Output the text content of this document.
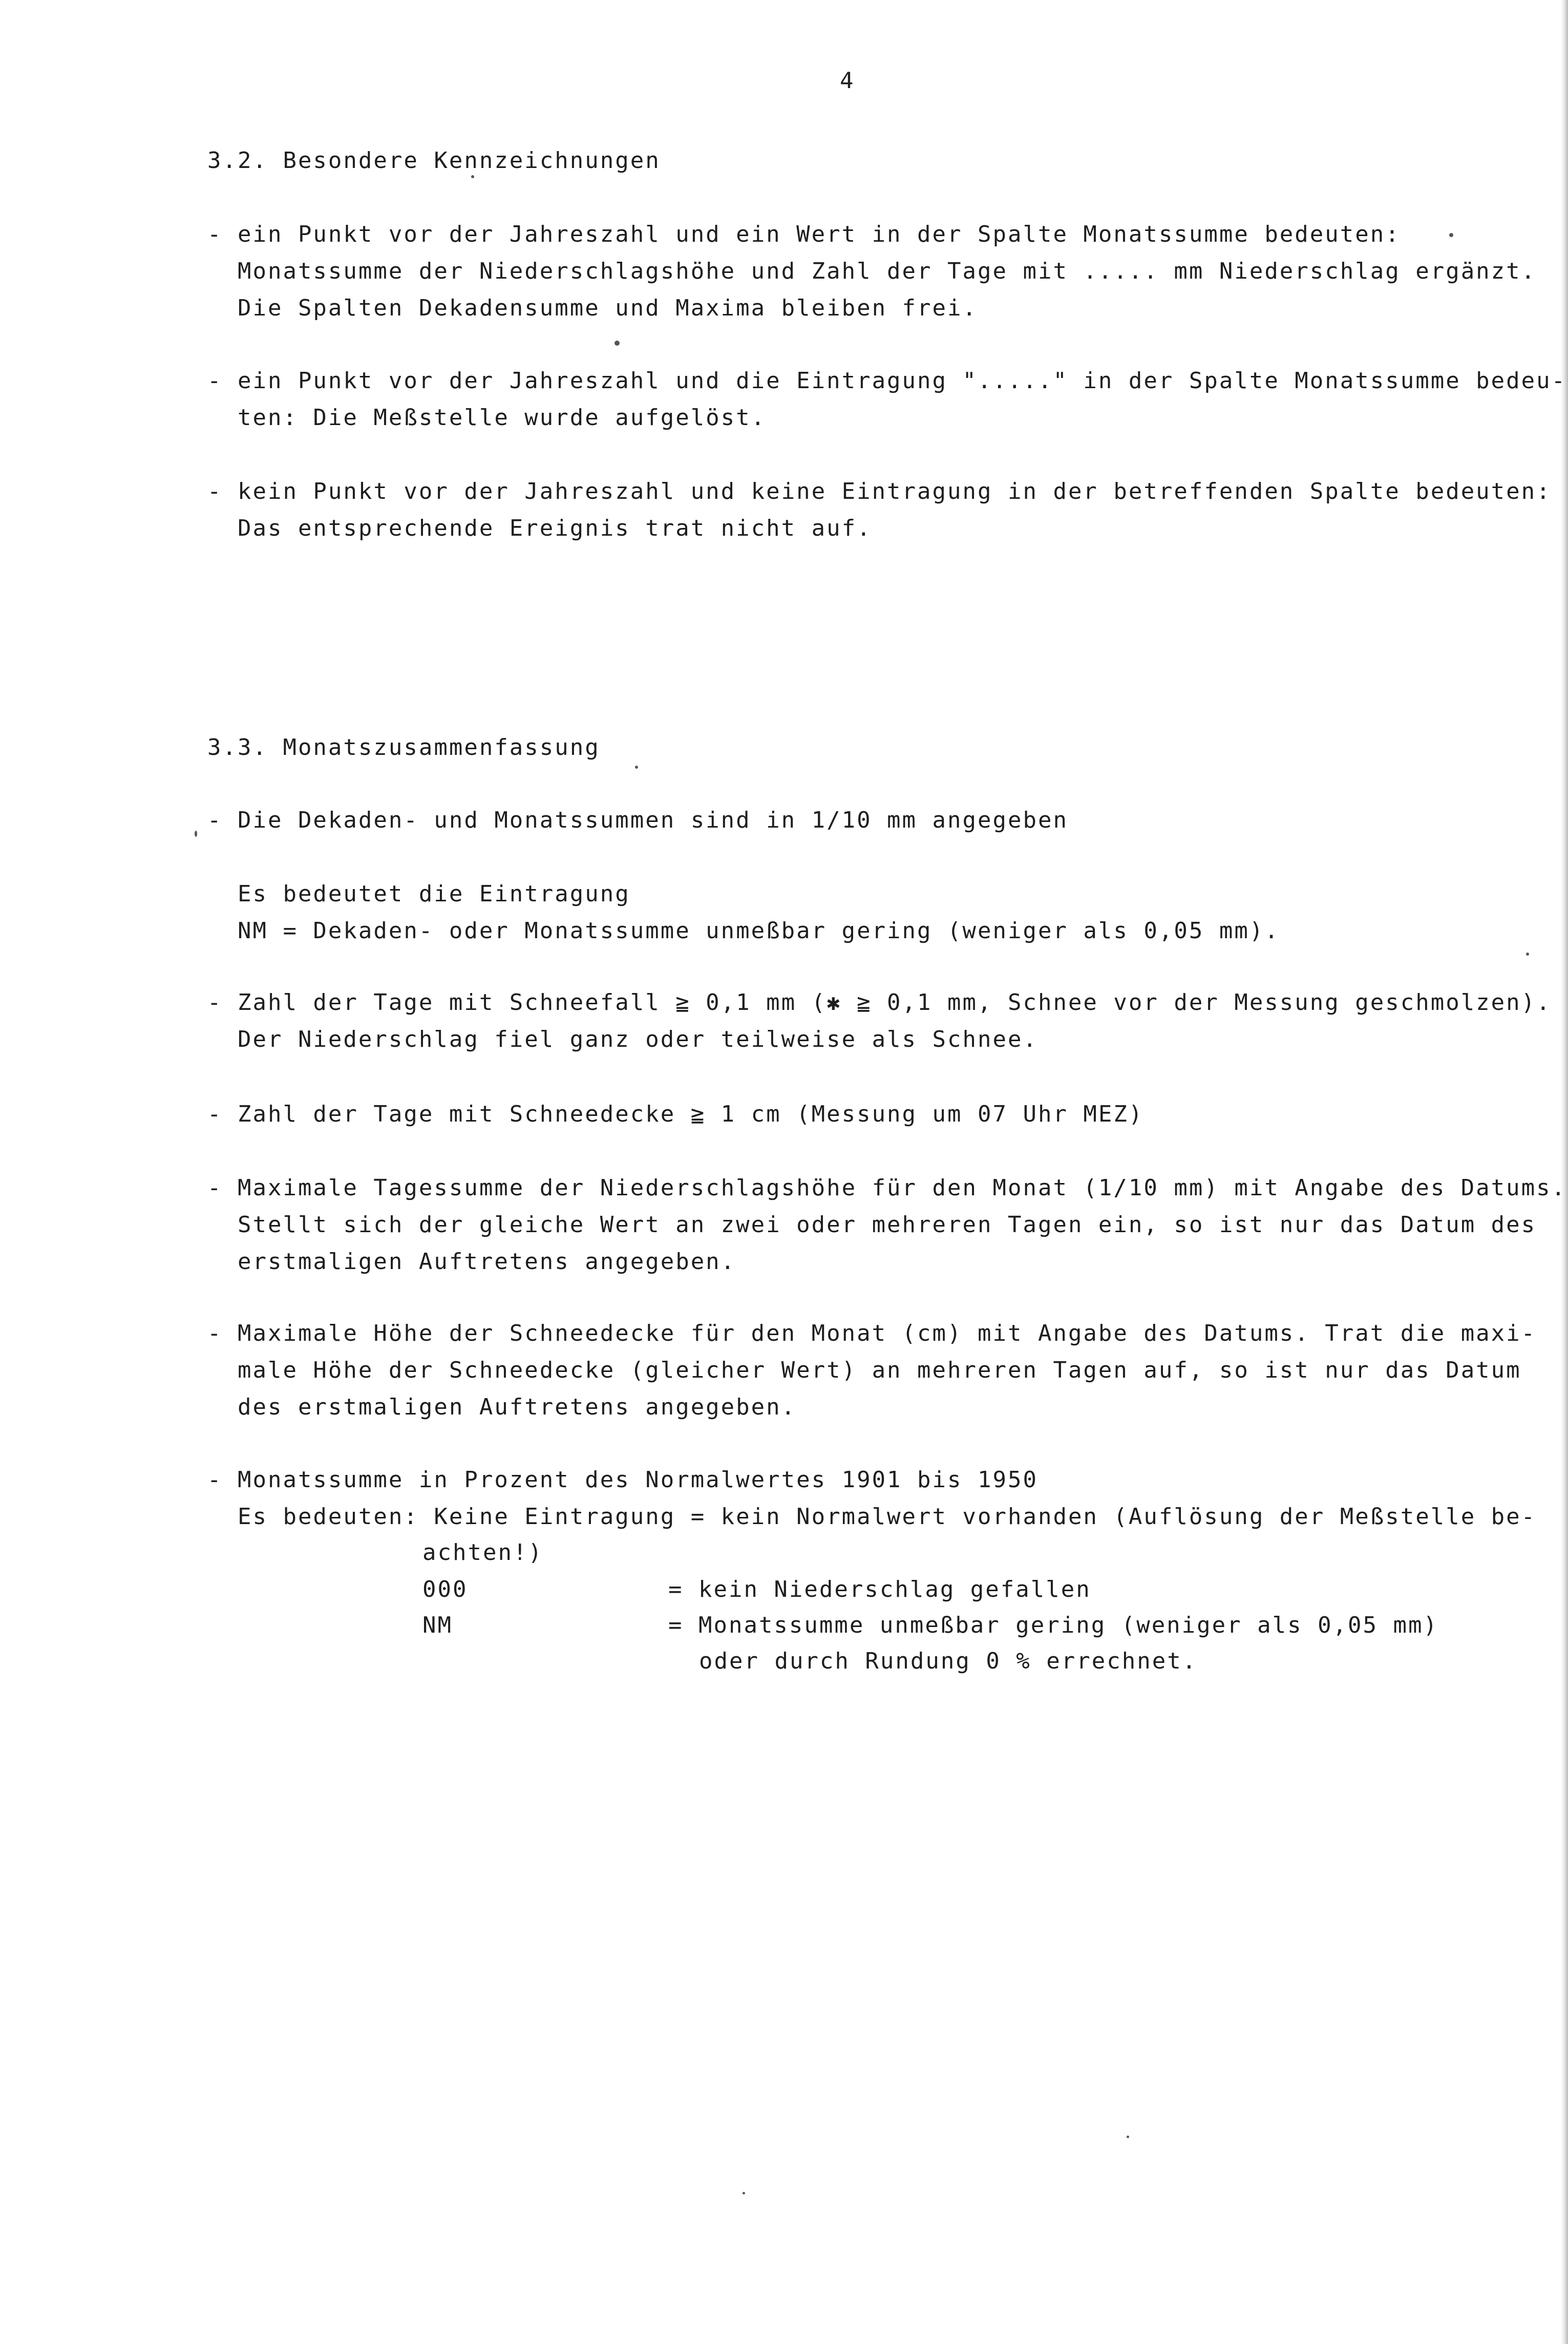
4
3.2. Besondere Kennzeichnungen
- ein Punkt vor der Jahreszahl und ein Wert in der Spalte Monatssumme bedeuten:
Monatssumme der Niederschlagshöhe und Zahl der Tage mit ..... mm Niederschlag ergänzt.
Die Spalten Dekadensumme und Maxima bleiben frei.
- ein Punkt vor der Jahreszahl und die Eintragung "....." in der Spalte Monatssumme bedeu-
ten: Die Meßstelle wurde aufgelöst.
- kein Punkt vor der Jahreszahl und keine Eintragung in der betreffenden Spalte bedeuten:
Das entsprechende Ereignis trat nicht auf.
3.3. Monatszusammenfassung
- Die Dekaden- und Monatssummen sind in 1/10 mm angegeben
Es bedeutet die Eintragung
NM = Dekaden- oder Monatssumme unmeßbar gering (weniger als 0,05 mm).
- Zahl der Tage mit Schneefall ≧ 0,1 mm (✱ ≧ 0,1 mm, Schnee vor der Messung geschmolzen).
Der Niederschlag fiel ganz oder teilweise als Schnee.
- Zahl der Tage mit Schneedecke ≧ 1 cm (Messung um 07 Uhr MEZ)
- Maximale Tagessumme der Niederschlagshöhe für den Monat (1/10 mm) mit Angabe des Datums.
Stellt sich der gleiche Wert an zwei oder mehreren Tagen ein, so ist nur das Datum des
erstmaligen Auftretens angegeben.
- Maximale Höhe der Schneedecke für den Monat (cm) mit Angabe des Datums. Trat die maxi-
male Höhe der Schneedecke (gleicher Wert) an mehreren Tagen auf, so ist nur das Datum
des erstmaligen Auftretens angegeben.
- Monatssumme in Prozent des Normalwertes 1901 bis 1950
Es bedeuten: Keine Eintragung = kein Normalwert vorhanden (Auflösung der Meßstelle be-
achten!)
000	= kein Niederschlag gefallen
NM	= Monatssumme unmeßbar gering (weniger als 0,05 mm)
oder durch Rundung 0 % errechnet.
